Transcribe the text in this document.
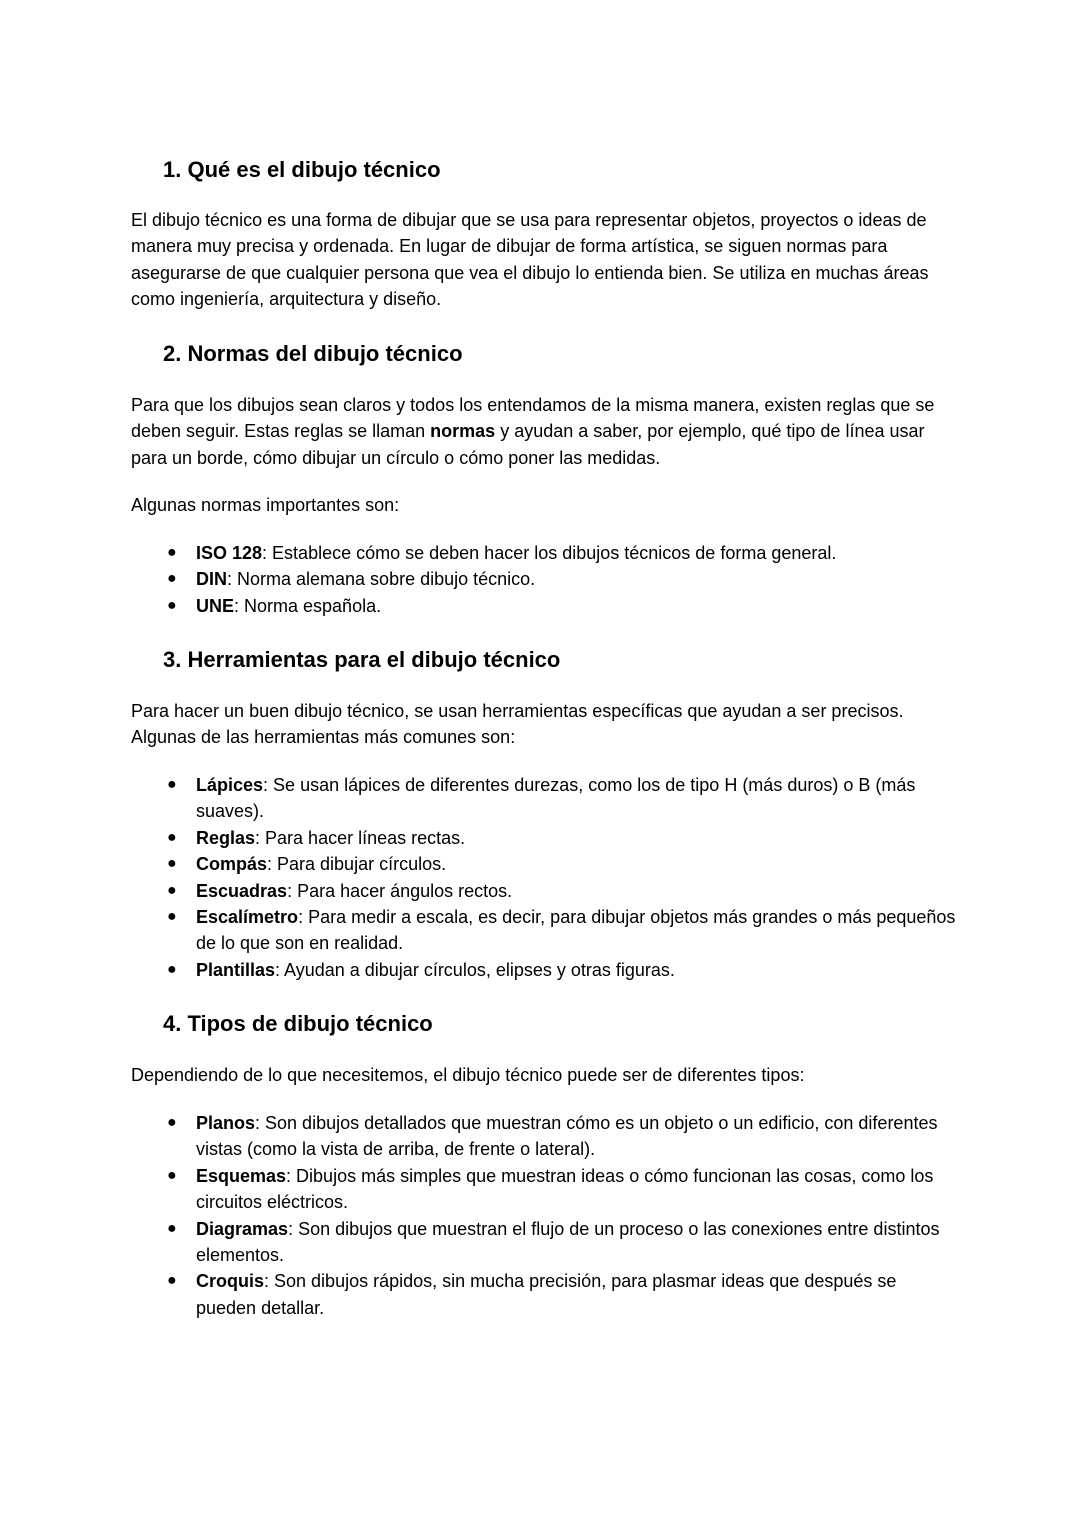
1. Qué es el dibujo técnico

El dibujo técnico es una forma de dibujar que se usa para representar objetos, proyectos o ideas de manera muy precisa y ordenada. En lugar de dibujar de forma artística, se siguen normas para asegurarse de que cualquier persona que vea el dibujo lo entienda bien. Se utiliza en muchas áreas como ingeniería, arquitectura y diseño.

2. Normas del dibujo técnico

Para que los dibujos sean claros y todos los entendamos de la misma manera, existen reglas que se deben seguir. Estas reglas se llaman normas y ayudan a saber, por ejemplo, qué tipo de línea usar para un borde, cómo dibujar un círculo o cómo poner las medidas.

Algunas normas importantes son:

● ISO 128: Establece cómo se deben hacer los dibujos técnicos de forma general.
● DIN: Norma alemana sobre dibujo técnico.
● UNE: Norma española.
3. Herramientas para el dibujo técnico

Para hacer un buen dibujo técnico, se usan herramientas específicas que ayudan a ser precisos. Algunas de las herramientas más comunes son:

● Lápices: Se usan lápices de diferentes durezas, como los de tipo H (más duros) o B (más suaves).
● Reglas: Para hacer líneas rectas.
● Compás: Para dibujar círculos.
● Escuadras: Para hacer ángulos rectos.
● Escalímetro: Para medir a escala, es decir, para dibujar objetos más grandes o más pequeños de lo que son en realidad.
● Plantillas: Ayudan a dibujar círculos, elipses y otras figuras.
4. Tipos de dibujo técnico

Dependiendo de lo que necesitemos, el dibujo técnico puede ser de diferentes tipos:

● Planos: Son dibujos detallados que muestran cómo es un objeto o un edificio, con diferentes vistas (como la vista de arriba, de frente o lateral).
● Esquemas: Dibujos más simples que muestran ideas o cómo funcionan las cosas, como los circuitos eléctricos.
● Diagramas: Son dibujos que muestran el flujo de un proceso o las conexiones entre distintos elementos.
● Croquis: Son dibujos rápidos, sin mucha precisión, para plasmar ideas que después se pueden detallar.
